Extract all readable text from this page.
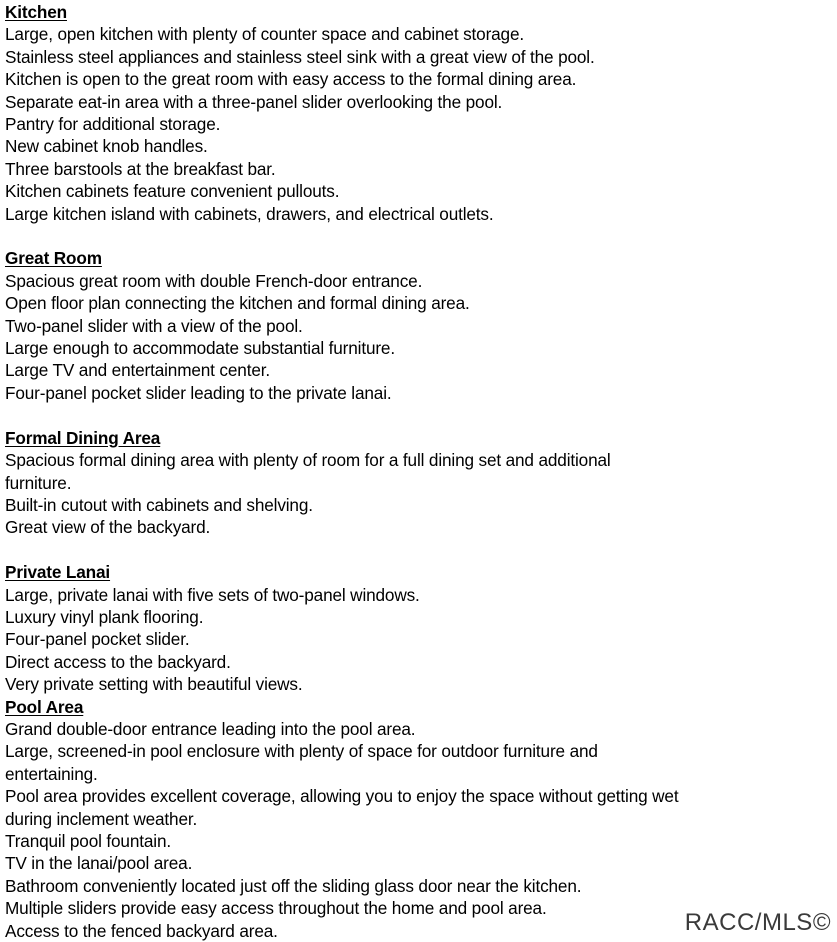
Kitchen
Large, open kitchen with plenty of counter space and cabinet storage.
Stainless steel appliances and stainless steel sink with a great view of the pool.
Kitchen is open to the great room with easy access to the formal dining area.
Separate eat-in area with a three-panel slider overlooking the pool.
Pantry for additional storage.
New cabinet knob handles.
Three barstools at the breakfast bar.
Kitchen cabinets feature convenient pullouts.
Large kitchen island with cabinets, drawers, and electrical outlets.
Great Room
Spacious great room with double French-door entrance.
Open floor plan connecting the kitchen and formal dining area.
Two-panel slider with a view of the pool.
Large enough to accommodate substantial furniture.
Large TV and entertainment center.
Four-panel pocket slider leading to the private lanai.
Formal Dining Area
Spacious formal dining area with plenty of room for a full dining set and additional
furniture.
Built-in cutout with cabinets and shelving.
Great view of the backyard.
Private Lanai
Large, private lanai with five sets of two-panel windows.
Luxury vinyl plank flooring.
Four-panel pocket slider.
Direct access to the backyard.
Very private setting with beautiful views.
Pool Area
Grand double-door entrance leading into the pool area.
Large, screened-in pool enclosure with plenty of space for outdoor furniture and
entertaining.
Pool area provides excellent coverage, allowing you to enjoy the space without getting wet
during inclement weather.
Tranquil pool fountain.
TV in the lanai/pool area.
Bathroom conveniently located just off the sliding glass door near the kitchen.
Multiple sliders provide easy access throughout the home and pool area.
Access to the fenced backyard area.	RACC/MLS©
